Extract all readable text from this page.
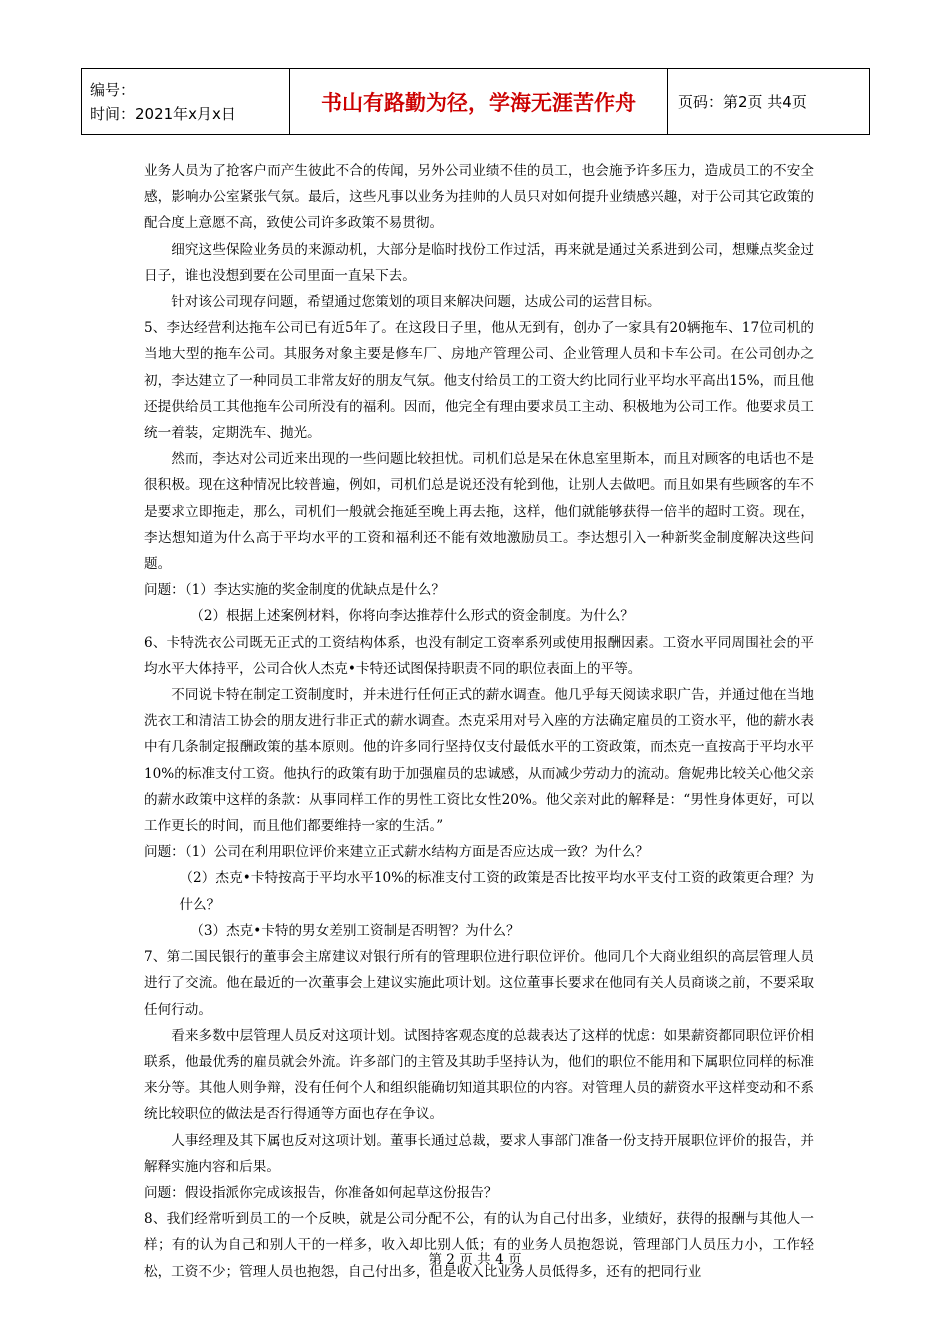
编号：
时间：2021年x月x日	书山有路勤为径，学海无涯苦作舟	页码：第2页 共4页

业务人员为了抢客户而产生彼此不合的传闻，另外公司业绩不佳的员工，也会施予许多压力，造成员工的不安全感，影响办公室紧张气氛。最后，这些凡事以业务为挂帅的人员只对如何提升业绩感兴趣，对于公司其它政策的配合度上意愿不高，致使公司许多政策不易贯彻。

细究这些保险业务员的来源动机，大部分是临时找份工作过活，再来就是通过关系进到公司，想赚点奖金过日子，谁也没想到要在公司里面一直呆下去。

针对该公司现存问题，希望通过您策划的项目来解决问题，达成公司的运营目标。

5、李达经营利达拖车公司已有近5年了。在这段日子里，他从无到有，创办了一家具有20辆拖车、17位司机的当地大型的拖车公司。其服务对象主要是修车厂、房地产管理公司、企业管理人员和卡车公司。在公司创办之初，李达建立了一种同员工非常友好的朋友气氛。他支付给员工的工资大约比同行业平均水平高出15%，而且他还提供给员工其他拖车公司所没有的福利。因而，他完全有理由要求员工主动、积极地为公司工作。他要求员工统一着装，定期洗车、抛光。

然而，李达对公司近来出现的一些问题比较担忧。司机们总是呆在休息室里斯本，而且对顾客的电话也不是很积极。现在这种情况比较普遍，例如，司机们总是说还没有轮到他，让别人去做吧。而且如果有些顾客的车不是要求立即拖走，那么，司机们一般就会拖延至晚上再去拖，这样，他们就能够获得一倍半的超时工资。现在，李达想知道为什么高于平均水平的工资和福利还不能有效地激励员工。李达想引入一种新奖金制度解决这些问题。

问题：（1）李达实施的奖金制度的优缺点是什么？

（2）根据上述案例材料，你将向李达推荐什么形式的资金制度。为什么？

6、卡特洗衣公司既无正式的工资结构体系，也没有制定工资率系列或使用报酬因素。工资水平同周围社会的平均水平大体持平，公司合伙人杰克•卡特还试图保持职责不同的职位表面上的平等。

不同说卡特在制定工资制度时，并未进行任何正式的薪水调查。他几乎每天阅读求职广告，并通过他在当地洗衣工和清洁工协会的朋友进行非正式的薪水调查。杰克采用对号入座的方法确定雇员的工资水平，他的薪水表中有几条制定报酬政策的基本原则。他的许多同行坚持仅支付最低水平的工资政策，而杰克一直按高于平均水平10%的标准支付工资。他执行的政策有助于加强雇员的忠诚感，从而减少劳动力的流动。詹妮弗比较关心他父亲的薪水政策中这样的条款：从事同样工作的男性工资比女性20%。他父亲对此的解释是：“男性身体更好，可以工作更长的时间，而且他们都要维持一家的生活。”

问题：（1）公司在利用职位评价来建立正式薪水结构方面是否应达成一致？为什么？

（2）杰克•卡特按高于平均水平10%的标准支付工资的政策是否比按平均水平支付工资的政策更合理？为什么？

（3）杰克•卡特的男女差别工资制是否明智？为什么？

7、第二国民银行的董事会主席建议对银行所有的管理职位进行职位评价。他同几个大商业组织的高层管理人员进行了交流。他在最近的一次董事会上建议实施此项计划。这位董事长要求在他同有关人员商谈之前，不要采取任何行动。

看来多数中层管理人员反对这项计划。试图持客观态度的总裁表达了这样的忧虑：如果薪资都同职位评价相联系，他最优秀的雇员就会外流。许多部门的主管及其助手坚持认为，他们的职位不能用和下属职位同样的标准来分等。其他人则争辩，没有任何个人和组织能确切知道其职位的内容。对管理人员的薪资水平这样变动和不系统比较职位的做法是否行得通等方面也存在争议。

人事经理及其下属也反对这项计划。董事长通过总裁，要求人事部门准备一份支持开展职位评价的报告，并解释实施内容和后果。

问题：假设指派你完成该报告，你准备如何起草这份报告？

8、我们经常听到员工的一个反映，就是公司分配不公，有的认为自己付出多，业绩好，获得的报酬与其他人一样；有的认为自己和别人干的一样多，收入却比别人低；有的业务人员抱怨说，管理部门人员压力小，工作轻松，工资不少；管理人员也抱怨，自己付出多，但是收入比业务人员低得多，还有的把同行业

第 2 页 共 4 页
